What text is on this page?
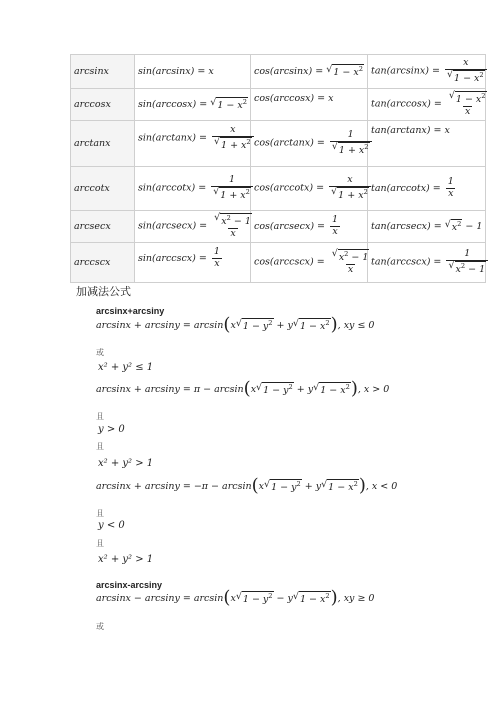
arcsinx	sin(arcsinx) = x	cos(arcsinx) = √ $1 - x^2$	$\tan(\arcsin x) = \frac{x}{√ 1 - x^2}$

arccosx	sin(arccosx) = √ $1 - x^2$	cos(arccosx) = x	$\tan(\arccos x) = \frac{√ 1 - x^2}{x}$

arctanx	$\sin(\arctan x) = \frac{x}{√ 1 + x^2}$	$\cos(\arctan x) = \frac{1}{√ 1 + x^2}$	tan(arctanx) = x
arccotx	$\sin(arccotx) = \frac{1}{√ 1 + x^2}$	$\cos(arccotx) = \frac{x}{√ 1 + x^2}$	$\tan(arccotx) = \frac{1}{x}$

arcsecx	$\sin(arcsecx) = \frac{√ x^2 - 1}{x}$	$\cos(arcsecx) = \frac{1}{x}$	tan(arcsecx) = √ $x^2 - 1$
arccscx	$\sin(arccscx) = \frac{1}{x}$	$\cos(arccscx) = \frac{√ x^2 - 1}{x}$	$\tan(arccscx) = \frac{1}{√ x^2 - 1}$
加减法公式
arcsinx+arcsiny
arcsinx + arcsiny = arcsin(x √ $1 - y^2 + y$ √ $1 - x^2$ ), xy ≤ 0
或
x² + y² ≤ 1
arcsinx + arcsiny = π − arcsin(x √ $1 - y^2 + y$ √ $1 - x^2$ ), x > 0
且
y > 0
且
x² + y² > 1
arcsinx + arcsiny = −π − arcsin(x √ $1 - y^2 + y$ √ $1 - x^2$ ), x < 0
且
y < 0
且
x² + y² > 1
arcsinx-arcsiny
arcsinx − arcsiny = arcsin(x √ $1 - y^2 - y$ √ $1 - x^2$ ), xy ≥ 0
或
